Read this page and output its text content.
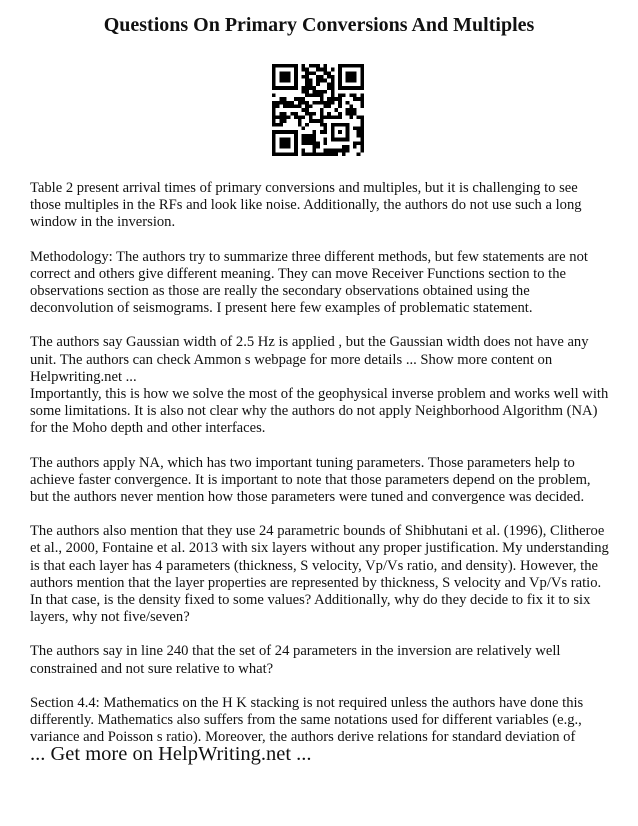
Questions On Primary Conversions And Multiples

Table 2 present arrival times of primary conversions and multiples, but it is challenging to see those multiples in the RFs and look like noise. Additionally, the authors do not use such a long window in the inversion.

Methodology: The authors try to summarize three different methods, but few statements are not correct and others give different meaning. They can move Receiver Functions section to the observations section as those are really the secondary observations obtained using the deconvolution of seismograms. I present here few examples of problematic statement.

The authors say Gaussian width of 2.5 Hz is applied , but the Gaussian width does not have any unit. The authors can check Ammon s webpage for more details ... Show more content on Helpwriting.net ...

Importantly, this is how we solve the most of the geophysical inverse problem and works well with some limitations. It is also not clear why the authors do not apply Neighborhood Algorithm (NA) for the Moho depth and other interfaces.

The authors apply NA, which has two important tuning parameters. Those parameters help to achieve faster convergence. It is important to note that those parameters depend on the problem, but the authors never mention how those parameters were tuned and convergence was decided.

The authors also mention that they use 24 parametric bounds of Shibhutani et al. (1996), Clitheroe et al., 2000, Fontaine et al. 2013 with six layers without any proper justification. My understanding is that each layer has 4 parameters (thickness, S velocity, Vp/Vs ratio, and density). However, the authors mention that the layer properties are represented by thickness, S velocity and Vp/Vs ratio. In that case, is the density fixed to some values? Additionally, why do they decide to fix it to six layers, why not five/seven?

The authors say in line 240 that the set of 24 parameters in the inversion are relatively well constrained and not sure relative to what?

Section 4.4: Mathematics on the H K stacking is not required unless the authors have done this differently. Mathematics also suffers from the same notations used for different variables (e.g., variance and Poisson s ratio). Moreover, the authors derive relations for standard deviation of

... Get more on HelpWriting.net ...
